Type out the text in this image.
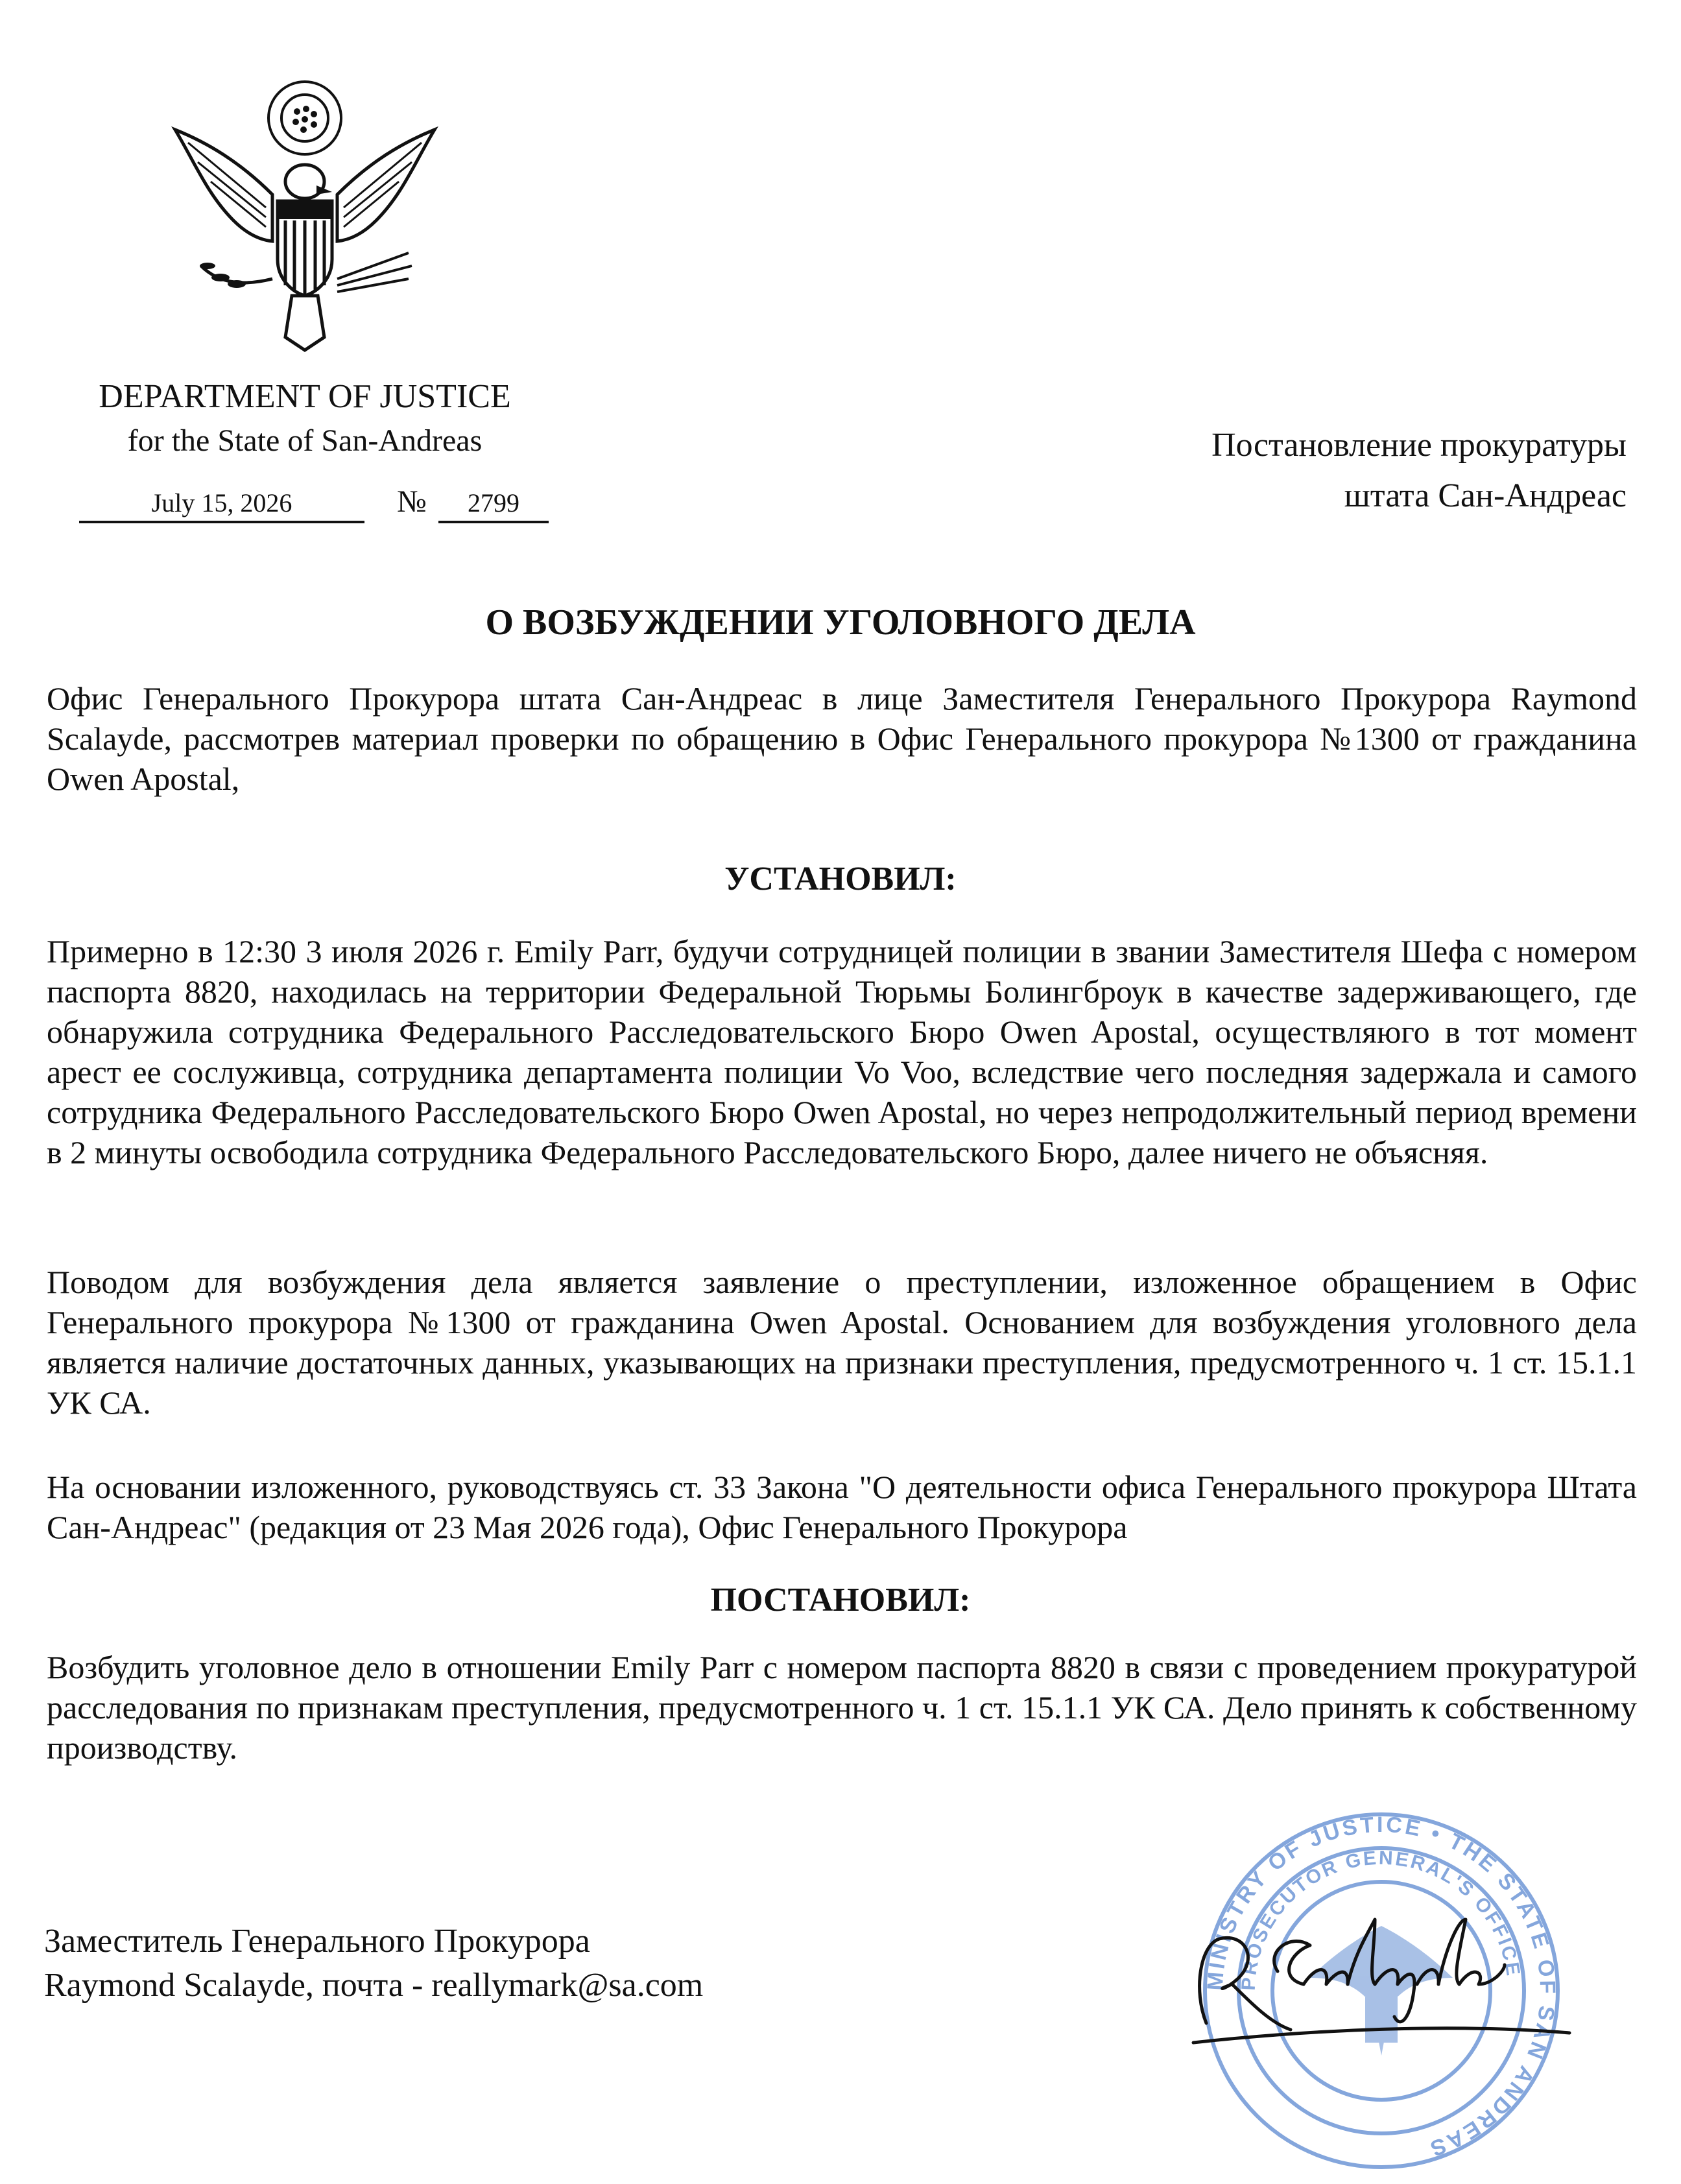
DEPARTMENT OF JUSTICE
for the State of San-Andreas
July 15, 2026	№	2799
Постановление прокуратуры
штата Сан-Андреас
О ВОЗБУЖДЕНИИ УГОЛОВНОГО ДЕЛА
Офис Генерального Прокурора штата Сан-Андреас в лице Заместителя Генерального Прокурора Raymond Scalayde, рассмотрев материал проверки по обращению в Офис Генерального прокурора №1300 от гражданина Owen Apostal,
УСТАНОВИЛ:
Примерно в 12:30 3 июля 2026 г. Emily Parr, будучи сотрудницей полиции в звании Заместителя Шефа с номером паспорта 8820, находилась на территории Федеральной Тюрьмы Болингброук в качестве задерживающего, где обнаружила сотрудника Федерального Расследовательского Бюро Owen Apostal, осуществляюго в тот момент арест ее сослуживца, сотрудника департамента полиции Vo Voo, вследствие чего последняя задержала и самого сотрудника Федерального Расследовательского Бюро Owen Apostal, но через непродолжительный период времени в 2 минуты освободила сотрудника Федерального Расследовательского Бюро, далее ничего не объясняя.
Поводом для возбуждения дела является заявление о преступлении, изложенное обращением в Офис Генерального прокурора №1300 от гражданина Owen Apostal. Основанием для возбуждения уголовного дела является наличие достаточных данных, указывающих на признаки преступления, предусмотренного ч. 1 ст. 15.1.1 УК СА.
На основании изложенного, руководствуясь ст. 33 Закона "О деятельности офиса Генерального прокурора Штата Сан-Андреас" (редакция от 23 Мая 2026 года), Офис Генерального Прокурора
ПОСТАНОВИЛ:
Возбудить уголовное дело в отношении Emily Parr с номером паспорта 8820 в связи с проведением прокуратурой расследования по признакам преступления, предусмотренного ч. 1 ст. 15.1.1 УК СА. Дело принять к собственному производству.
MINISTRY OF JUSTICE • THE STATE OF SAN ANDREAS
PROSECUTOR GENERAL'S OFFICE
Заместитель Генерального Прокурора
Raymond Scalayde, почта - reallymark@sa.com
